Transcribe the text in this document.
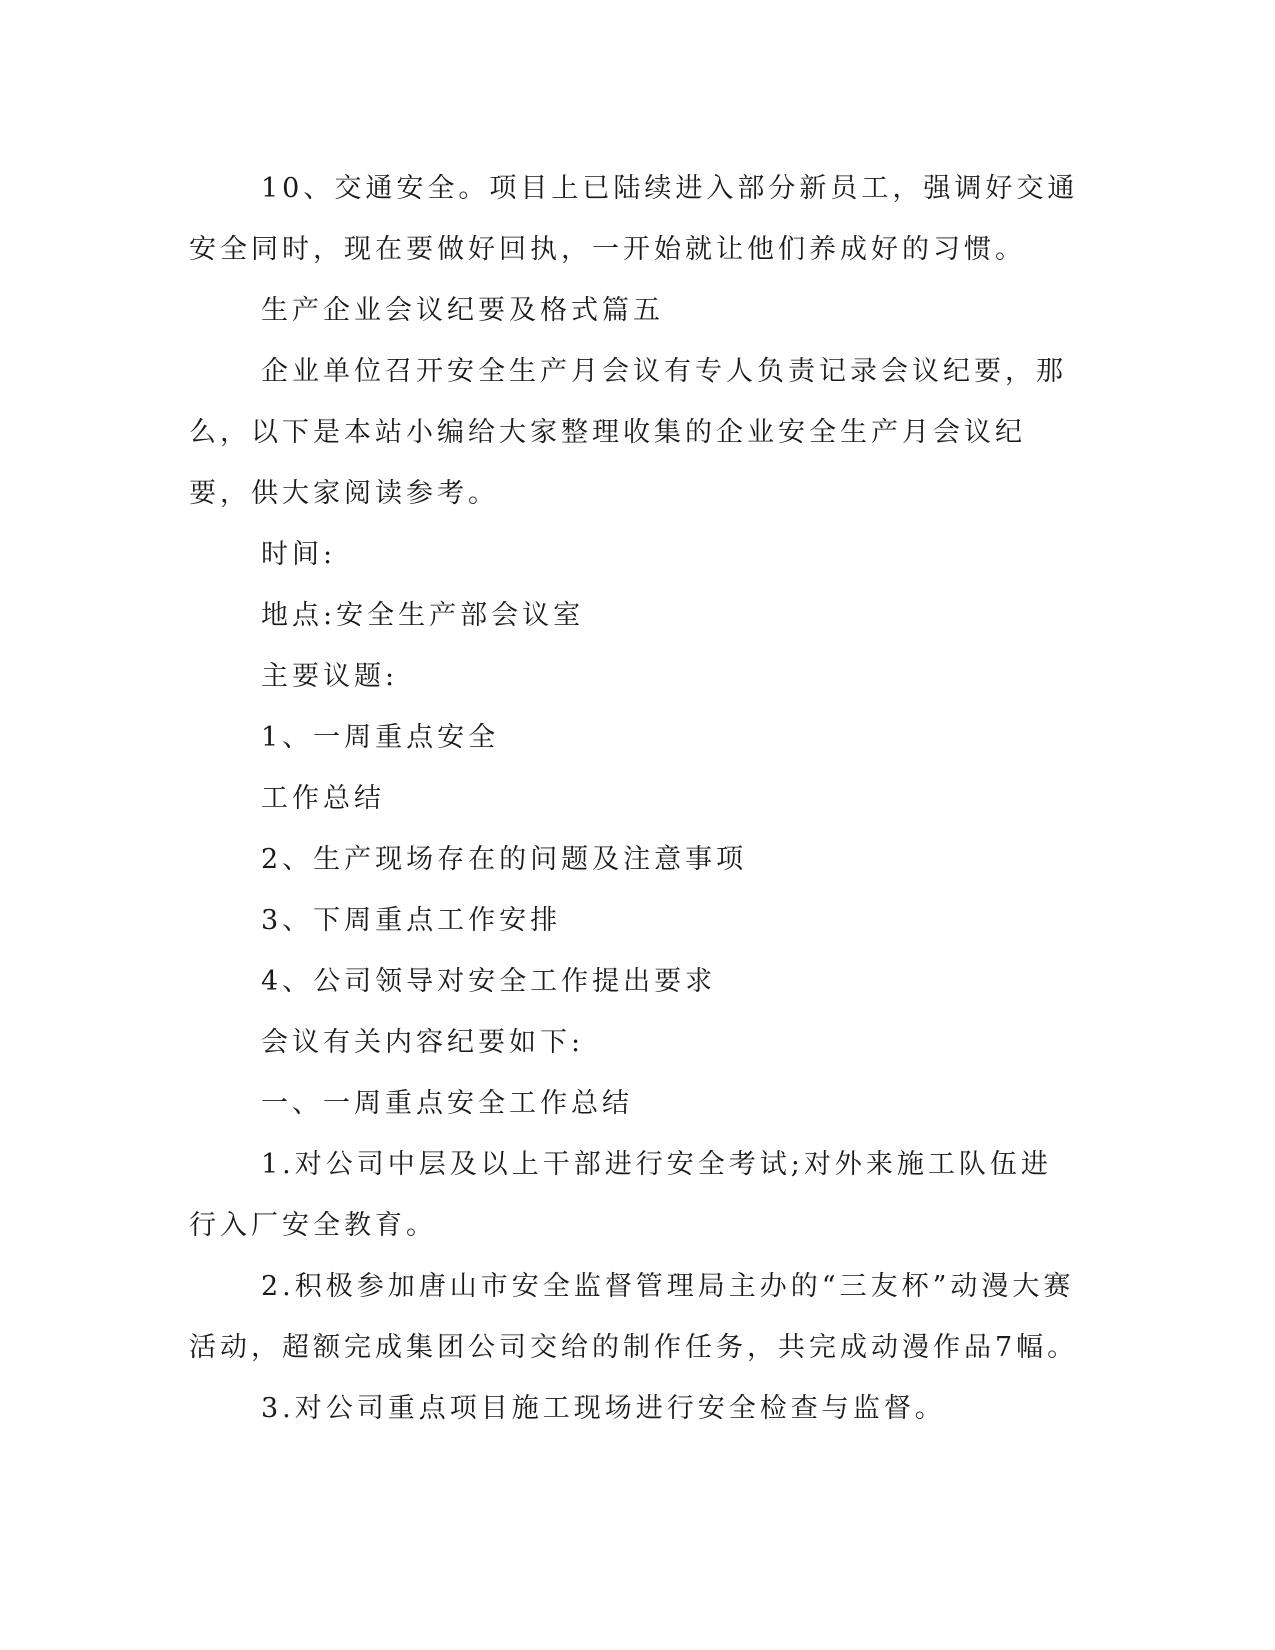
10、交通安全。项目上已陆续进入部分新员工，强调好交通安全同时，现在要做好回执，一开始就让他们养成好的习惯。

生产企业会议纪要及格式篇五

企业单位召开安全生产月会议有专人负责记录会议纪要，那么，以下是本站小编给大家整理收集的企业安全生产月会议纪要，供大家阅读参考。

时间:

地点:安全生产部会议室

主要议题:

1、一周重点安全

工作总结

2、生产现场存在的问题及注意事项

3、下周重点工作安排

4、公司领导对安全工作提出要求

会议有关内容纪要如下:

一、一周重点安全工作总结

1.对公司中层及以上干部进行安全考试;对外来施工队伍进行入厂安全教育。

2.积极参加唐山市安全监督管理局主办的“三友杯”动漫大赛活动，超额完成集团公司交给的制作任务，共完成动漫作品7幅。

3.对公司重点项目施工现场进行安全检查与监督。
